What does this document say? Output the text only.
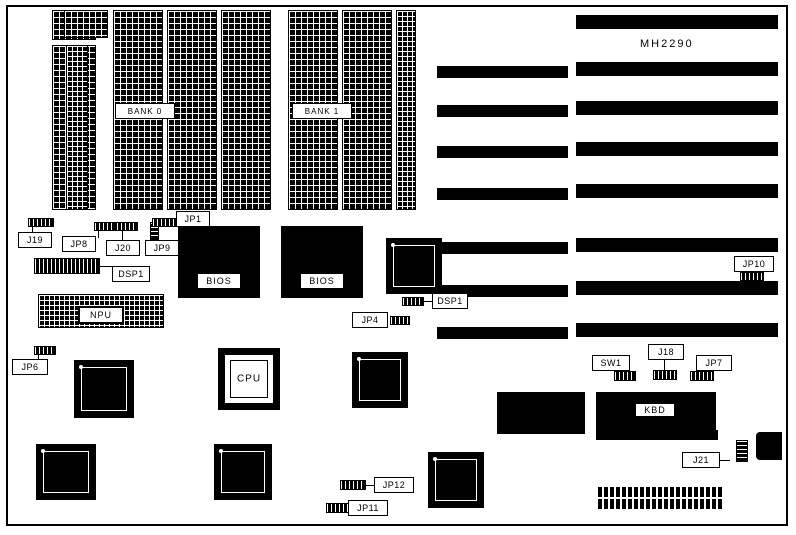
MH2290
BANK 0	BANK 1
BIOS	BIOS
NPU
CPU
KBD
J19	JP8	J20	JP9
JP1
DSP1
DSP1
JP4
JP6
JP10
SW1
J18
JP7
J21
JP12
JP11
